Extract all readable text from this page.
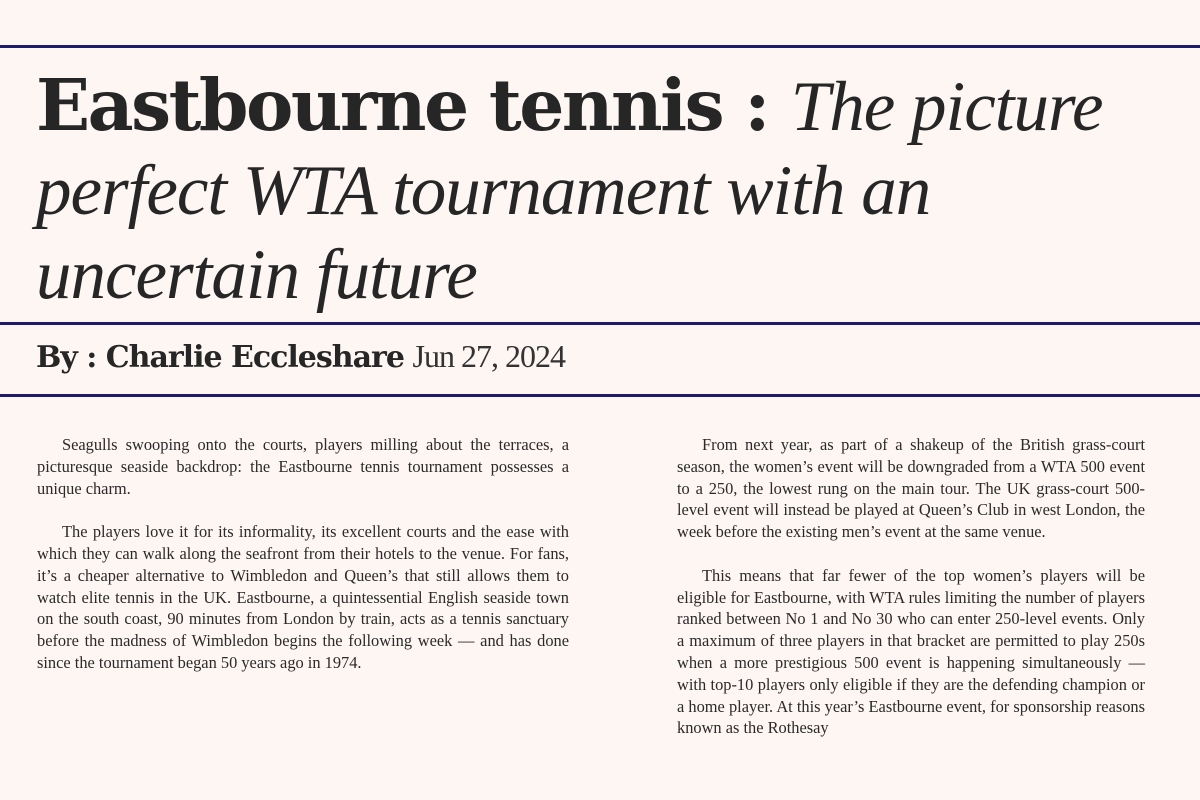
Eastbourne tennis : The picture perfect WTA tournament with an uncertain future

By : Charlie Eccleshare Jun 27, 2024

Seagulls swooping onto the courts, players milling about the terraces, a picturesque seaside backdrop: the Eastbourne tennis tournament possesses a unique charm.

The players love it for its informality, its excellent courts and the ease with which they can walk along the seafront from their hotels to the venue. For fans, it’s a cheaper alternative to Wimbledon and Queen’s that still allows them to watch elite tennis in the UK. Eastbourne, a quintessential English seaside town on the south coast, 90 minutes from London by train, acts as a tennis sanctuary before the madness of Wimbledon begins the following week — and has done since the tournament began 50 years ago in 1974.

From next year, as part of a shakeup of the British grass-court season, the women’s event will be downgraded from a WTA 500 event to a 250, the lowest rung on the main tour. The UK grass-court 500-level event will instead be played at Queen’s Club in west London, the week before the existing men’s event at the same venue.

This means that far fewer of the top women’s players will be eligible for Eastbourne, with WTA rules limiting the number of players ranked between No 1 and No 30 who can enter 250-level events. Only a maximum of three players in that bracket are permitted to play 250s when a more prestigious 500 event is happening simultaneously — with top-10 players only eligible if they are the defending champion or a home player. At this year’s Eastbourne event, for sponsorship reasons known as the Rothesay
